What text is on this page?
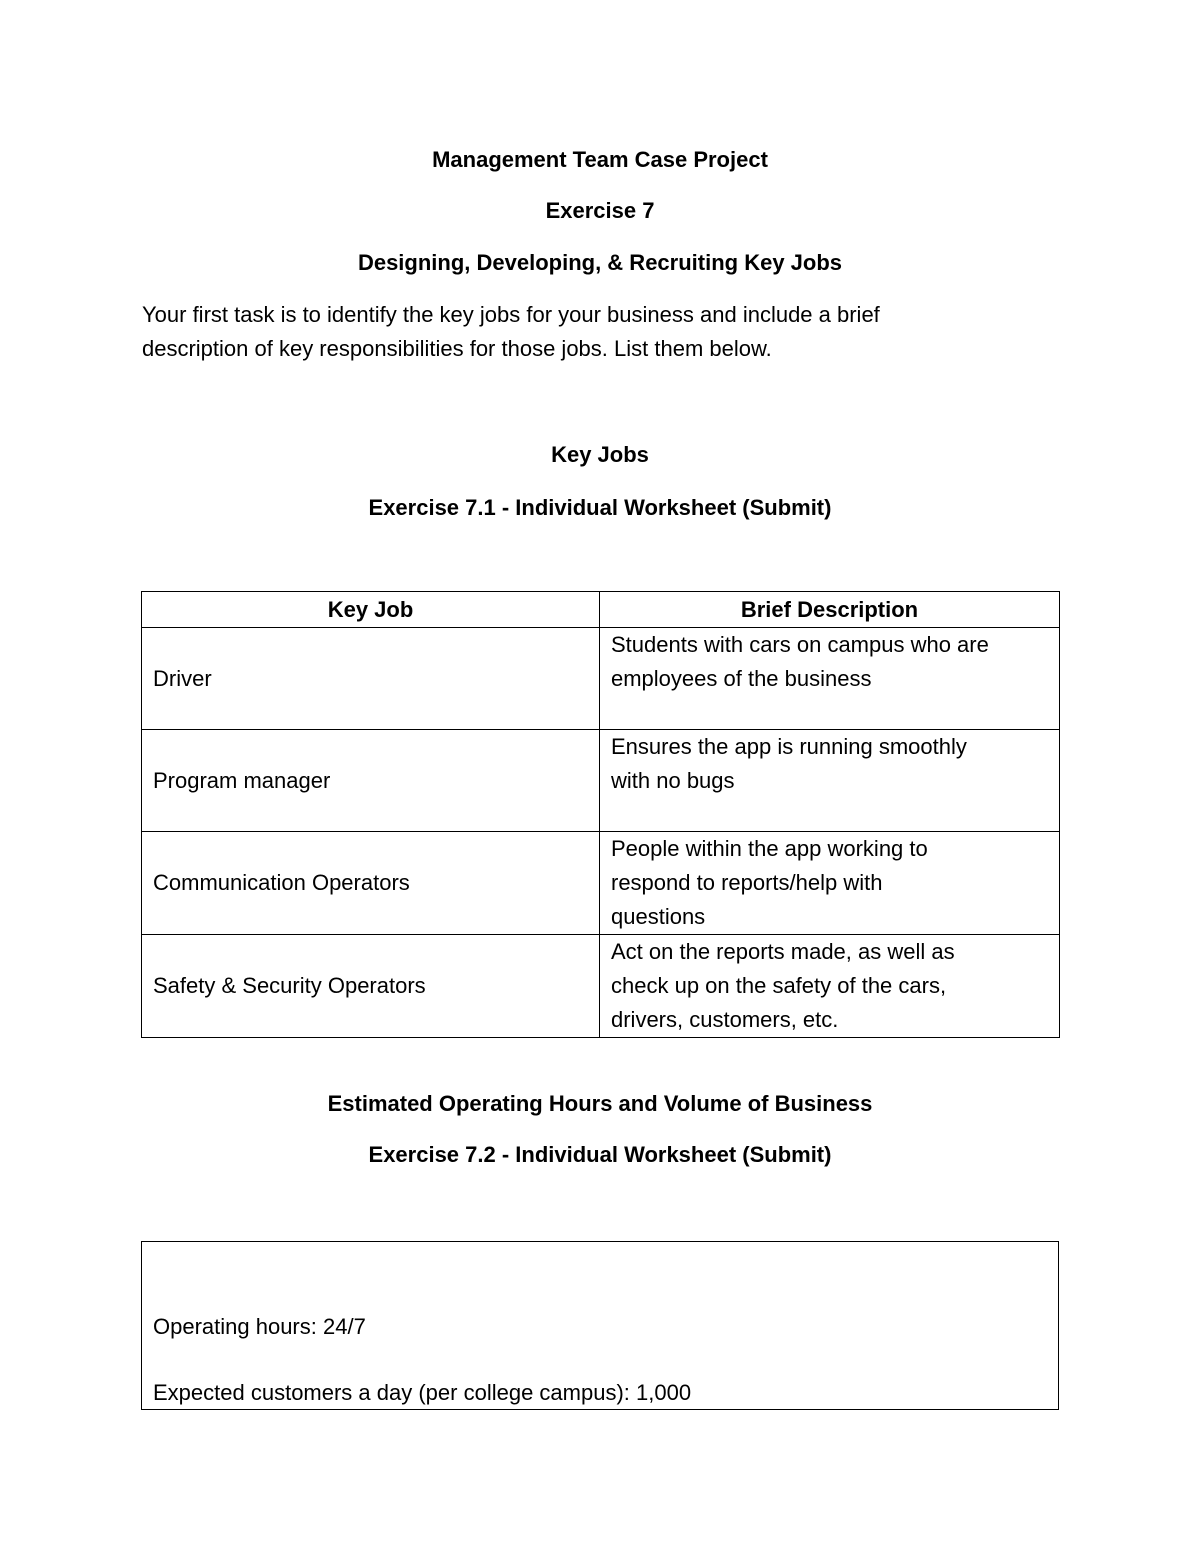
Management Team Case Project
Exercise 7
Designing, Developing, & Recruiting Key Jobs

Your first task is to identify the key jobs for your business and include a brief

description of key responsibilities for those jobs. List them below.

Key Jobs
Exercise 7.1 - Individual Worksheet (Submit)
Key Job	Brief Description
Driver	Students with cars on campus who are
employees of the business

Program manager	Ensures the app is running smoothly
with no bugs

Communication Operators	People within the app working to
respond to reports/help with
questions

Safety & Security Operators	Act on the reports made, as well as
check up on the safety of the cars,
drivers, customers, etc.
Estimated Operating Hours and Volume of Business
Exercise 7.2 - Individual Worksheet (Submit)
Operating hours: 24/7
Expected customers a day (per college campus): 1,000
